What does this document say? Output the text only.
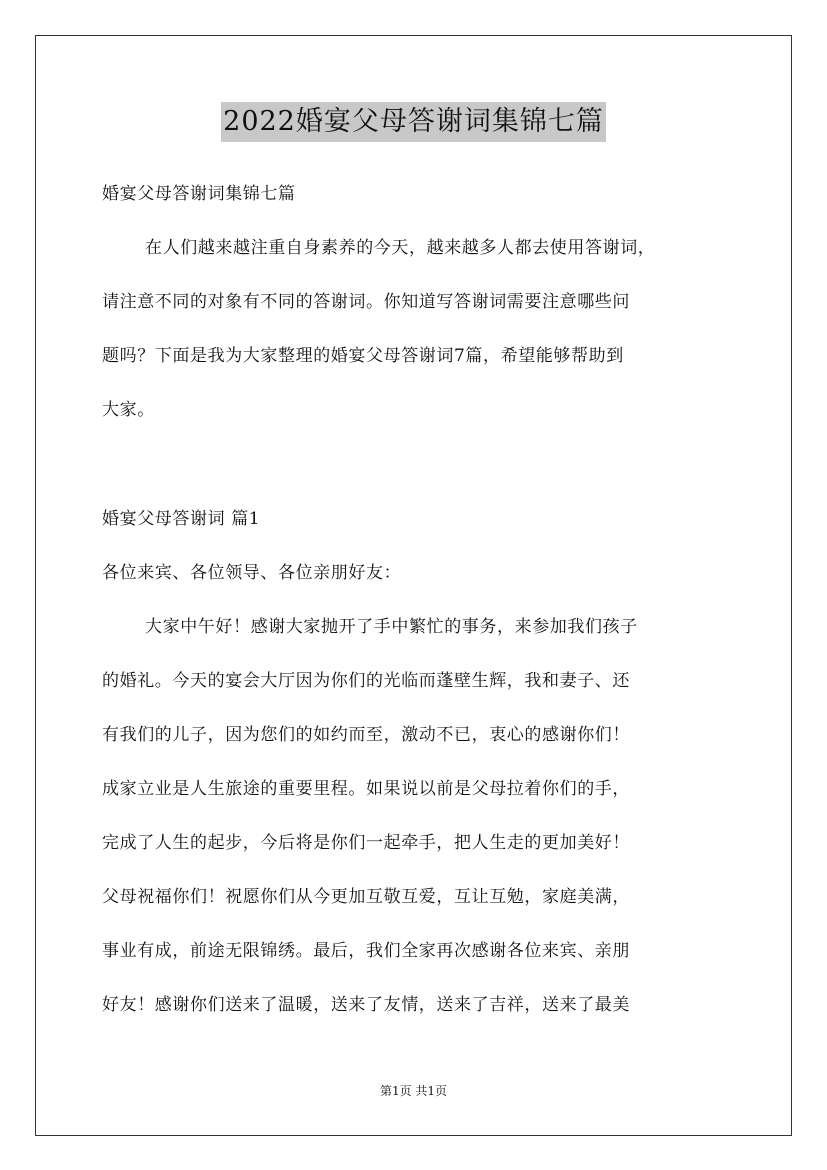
2022婚宴父母答谢词集锦七篇
婚宴父母答谢词集锦七篇
在人们越来越注重自身素养的今天，越来越多人都去使用答谢词，
请注意不同的对象有不同的答谢词。你知道写答谢词需要注意哪些问
题吗？下面是我为大家整理的婚宴父母答谢词7篇，希望能够帮助到
大家。
婚宴父母答谢词 篇1
各位来宾、各位领导、各位亲朋好友：
大家中午好！感谢大家抛开了手中繁忙的事务，来参加我们孩子
的婚礼。今天的宴会大厅因为你们的光临而蓬壁生辉，我和妻子、还
有我们的儿子，因为您们的如约而至，激动不已，衷心的感谢你们！
成家立业是人生旅途的重要里程。如果说以前是父母拉着你们的手，
完成了人生的起步，今后将是你们一起牵手，把人生走的更加美好！
父母祝福你们！祝愿你们从今更加互敬互爱，互让互勉，家庭美满，
事业有成，前途无限锦绣。最后，我们全家再次感谢各位来宾、亲朋
好友！感谢你们送来了温暖，送来了友情，送来了吉祥，送来了最美
第1页 共1页
